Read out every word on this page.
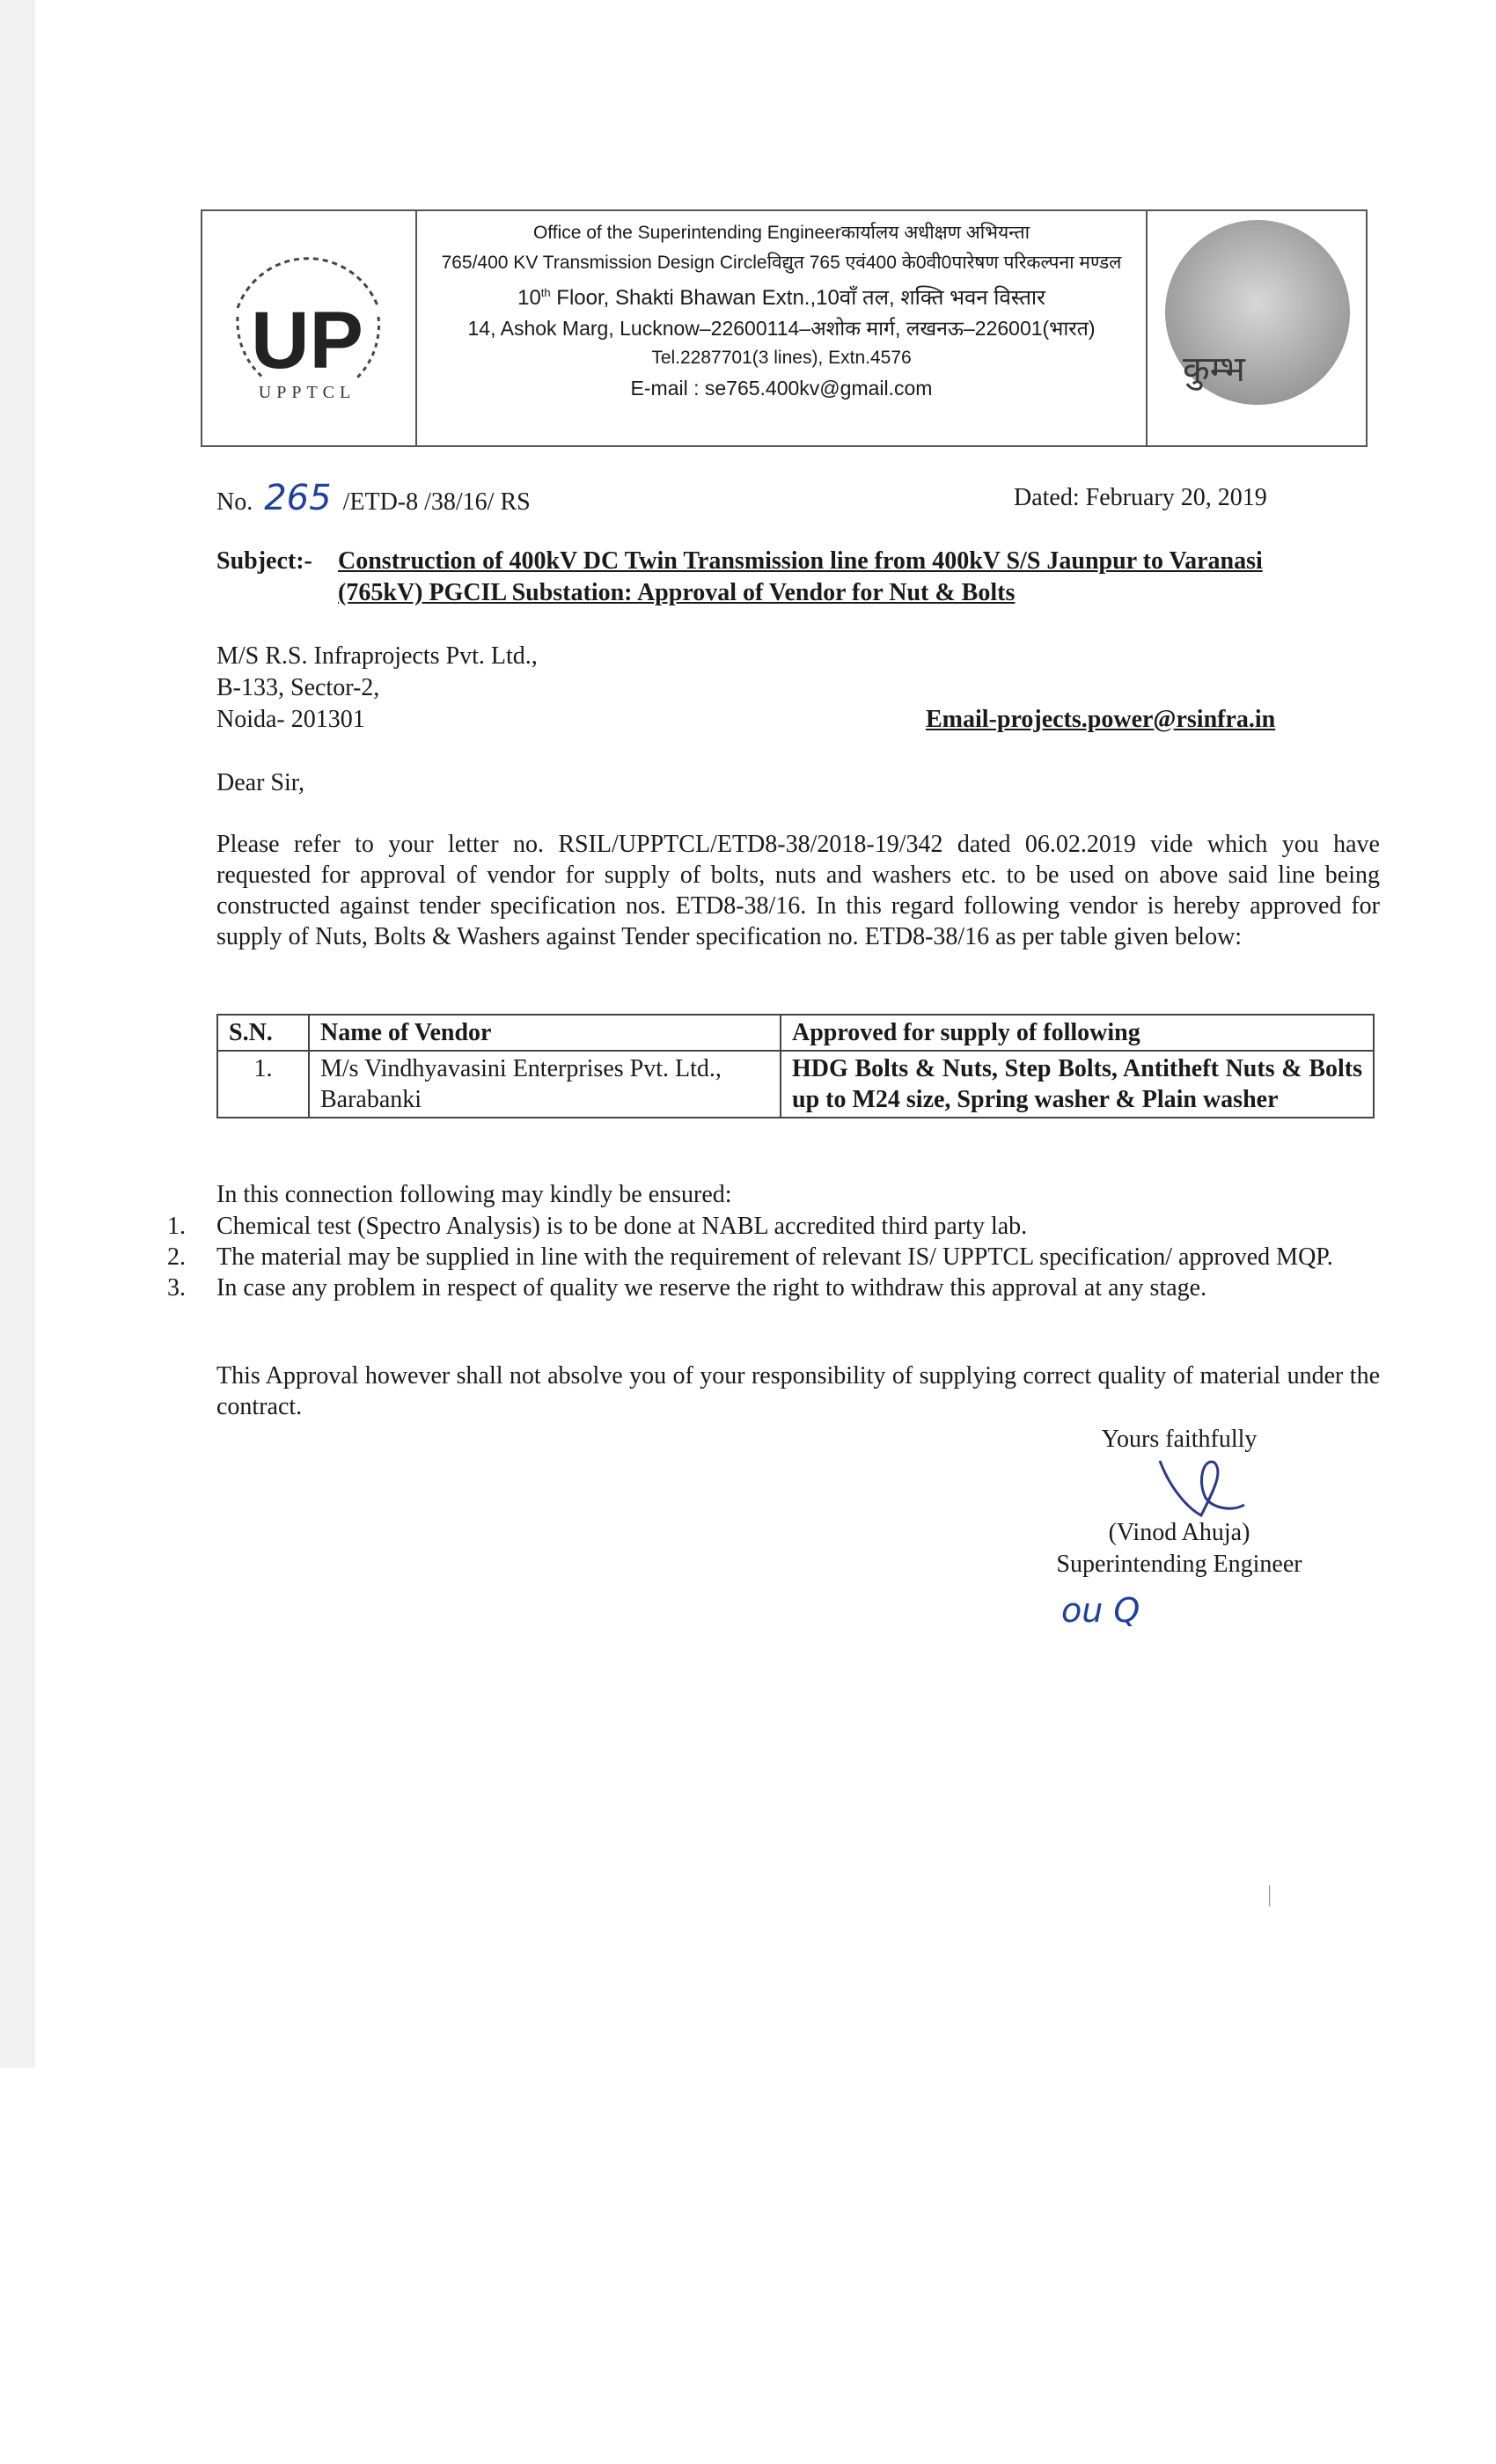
UP
UPPTCL
Office of the Superintending Engineerकार्यालय अधीक्षण अभियन्ता
765/400 KV Transmission Design Circleविद्युत 765 एवं400 के0वी0पारेषण परिकल्पना मण्डल
10th Floor, Shakti Bhawan Extn.,10वाँ तल, शक्ति भवन विस्तार
14, Ashok Marg, Lucknow–22600114–अशोक मार्ग, लखनऊ–226001(भारत)
Tel.2287701(3 lines), Extn.4576
E-mail : se765.400kv@gmail.com	कुम्भ
No. 265 /ETD-8 /38/16/ RS	Dated: February 20, 2019
Subject:- Construction of 400kV DC Twin Transmission line from 400kV S/S Jaunpur to Varanasi
(765kV) PGCIL Substation: Approval of Vendor for Nut & Bolts
M/S R.S. Infraprojects Pvt. Ltd.,
B-133, Sector-2,
Noida- 201301	Email-projects.power@rsinfra.in
Dear Sir,
Please refer to your letter no. RSIL/UPPTCL/ETD8-38/2018-19/342 dated 06.02.2019 vide which you have requested for approval of vendor for supply of bolts, nuts and washers etc. to be used on above said line being constructed against tender specification nos. ETD8-38/16. In this regard following vendor is hereby approved for supply of Nuts, Bolts & Washers against Tender specification no. ETD8-38/16 as per table given below:
S.N.	Name of Vendor	Approved for supply of following
1.	M/s Vindhyavasini Enterprises Pvt. Ltd., Barabanki	HDG Bolts & Nuts, Step Bolts, Antitheft Nuts & Bolts up to M24 size, Spring washer & Plain washer
In this connection following may kindly be ensured:
1.	Chemical test (Spectro Analysis) is to be done at NABL accredited third party lab.
2.	The material may be supplied in line with the requirement of relevant IS/ UPPTCL specification/ approved MQP.
3.	In case any problem in respect of quality we reserve the right to withdraw this approval at any stage.
This Approval however shall not absolve you of your responsibility of supplying correct quality of material under the contract.
Yours faithfully
(Vinod Ahuja)
Superintending Engineer
ou Q
|
